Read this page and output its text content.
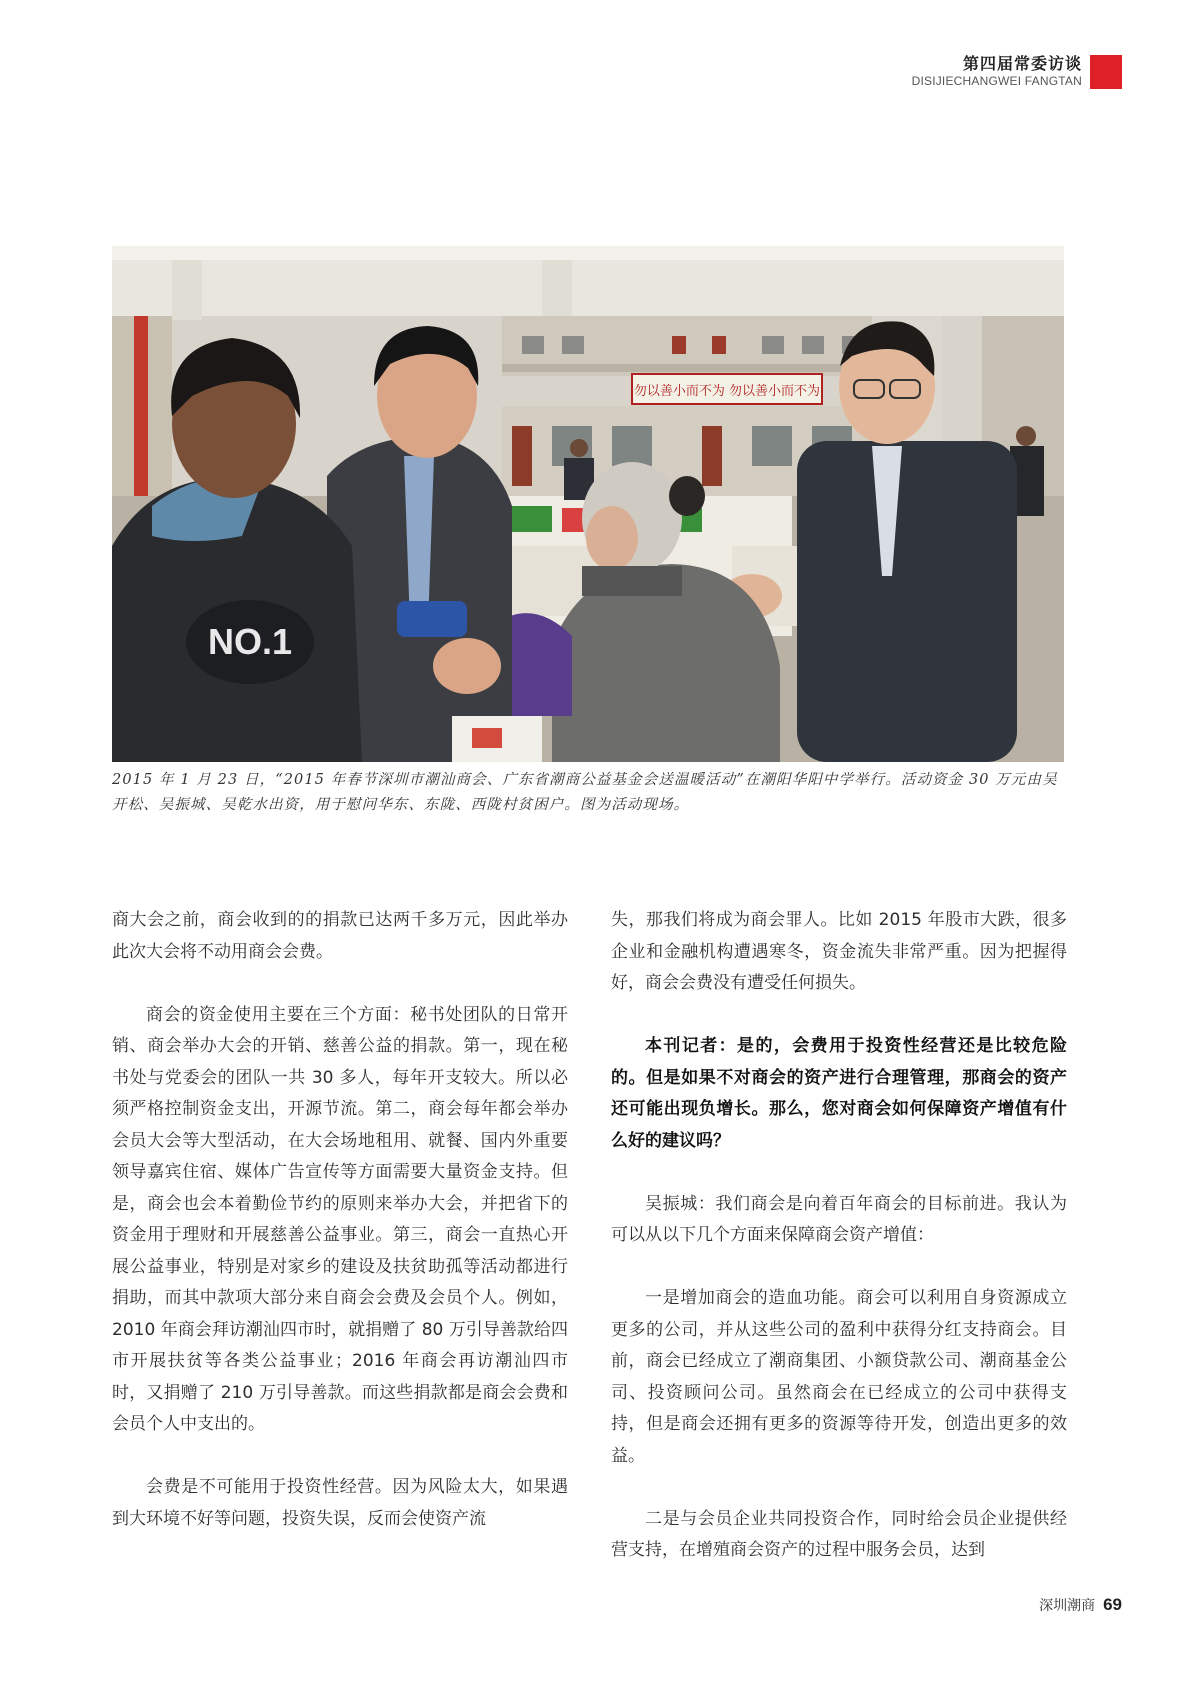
第四届常委访谈
DISIJIECHANGWEI FANGTAN
勿以善小而不为 勿以善小而不为
NO.1
2015 年 1 月 23 日，“2015 年春节深圳市潮汕商会、广东省潮商公益基金会送温暖活动”在潮阳华阳中学举行。活动资金 30 万元由吴开松、吴振城、吴乾水出资，用于慰问华东、东陇、西陇村贫困户。图为活动现场。

商大会之前，商会收到的的捐款已达两千多万元，因此举办此次大会将不动用商会会费。

商会的资金使用主要在三个方面：秘书处团队的日常开销、商会举办大会的开销、慈善公益的捐款。第一，现在秘书处与党委会的团队一共 30 多人，每年开支较大。所以必须严格控制资金支出，开源节流。第二，商会每年都会举办会员大会等大型活动，在大会场地租用、就餐、国内外重要领导嘉宾住宿、媒体广告宣传等方面需要大量资金支持。但是，商会也会本着勤俭节约的原则来举办大会，并把省下的资金用于理财和开展慈善公益事业。第三，商会一直热心开展公益事业，特别是对家乡的建设及扶贫助孤等活动都进行捐助，而其中款项大部分来自商会会费及会员个人。例如，2010 年商会拜访潮汕四市时，就捐赠了 80 万引导善款给四市开展扶贫等各类公益事业；2016 年商会再访潮汕四市时，又捐赠了 210 万引导善款。而这些捐款都是商会会费和会员个人中支出的。

会费是不可能用于投资性经营。因为风险太大，如果遇到大环境不好等问题，投资失误，反而会使资产流

失，那我们将成为商会罪人。比如 2015 年股市大跌，很多企业和金融机构遭遇寒冬，资金流失非常严重。因为把握得好，商会会费没有遭受任何损失。

本刊记者：是的，会费用于投资性经营还是比较危险的。但是如果不对商会的资产进行合理管理，那商会的资产还可能出现负增长。那么，您对商会如何保障资产增值有什么好的建议吗？

吴振城：我们商会是向着百年商会的目标前进。我认为可以从以下几个方面来保障商会资产增值：

一是增加商会的造血功能。商会可以利用自身资源成立更多的公司，并从这些公司的盈利中获得分红支持商会。目前，商会已经成立了潮商集团、小额贷款公司、潮商基金公司、投资顾问公司。虽然商会在已经成立的公司中获得支持，但是商会还拥有更多的资源等待开发，创造出更多的效益。

二是与会员企业共同投资合作，同时给会员企业提供经营支持，在增殖商会资产的过程中服务会员，达到

深圳潮商 69
